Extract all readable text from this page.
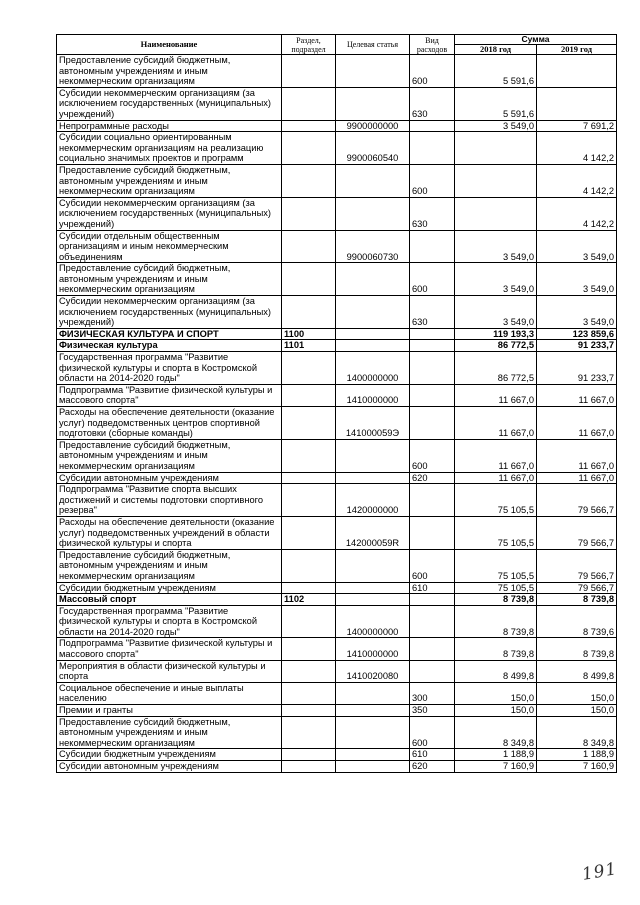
Наименование	Раздел, подраздел	Целевая статья	Вид расходов	Сумма	
				2018 год	2019 год
Предоставление субсидий бюджетным, автономным учреждениям и иным некоммерческим организациям			600	5 591,6	
Субсидии некоммерческим организациям (за исключением государственных (муниципальных) учреждений)			630	5 591,6	
Непрограммные расходы		9900000000		3 549,0	7 691,2
Субсидии социально ориентированным некоммерческим организациям на реализацию социально значимых проектов и программ		9900060540			4 142,2
Предоставление субсидий бюджетным, автономным учреждениям и иным некоммерческим организациям			600		4 142,2
Субсидии некоммерческим организациям (за исключением государственных (муниципальных) учреждений)			630		4 142,2
Субсидии отдельным общественным организациям и иным некоммерческим объединениям		9900060730		3 549,0	3 549,0
Предоставление субсидий бюджетным, автономным учреждениям и иным некоммерческим организациям			600	3 549,0	3 549,0
Субсидии некоммерческим организациям (за исключением государственных (муниципальных) учреждений)			630	3 549,0	3 549,0
ФИЗИЧЕСКАЯ КУЛЬТУРА И СПОРТ	1100			119 193,3	123 859,6
Физическая культура	1101			86 772,5	91 233,7
Государственная программа "Развитие физической культуры и спорта в Костромской области на 2014-2020 годы"		1400000000		86 772,5	91 233,7
Подпрограмма "Развитие физической культуры и массового спорта"		1410000000		11 667,0	11 667,0
Расходы на обеспечение деятельности (оказание услуг) подведомственных центров спортивной подготовки (сборные команды)		141000059Э		11 667,0	11 667,0
Предоставление субсидий бюджетным, автономным учреждениям и иным некоммерческим организациям			600	11 667,0	11 667,0
Субсидии автономным учреждениям			620	11 667,0	11 667,0
Подпрограмма "Развитие спорта высших достижений и системы подготовки спортивного резерва"		1420000000		75 105,5	79 566,7
Расходы на обеспечение деятельности (оказание услуг) подведомственных учреждений в области физической культуры и спорта		142000059R		75 105,5	79 566,7
Предоставление субсидий бюджетным, автономным учреждениям и иным некоммерческим организациям			600	75 105,5	79 566,7
Субсидии бюджетным учреждениям			610	75 105,5	79 566,7
Массовый спорт	1102			8 739,8	8 739,8
Государственная программа "Развитие физической культуры и спорта в Костромской области на 2014-2020 годы"		1400000000		8 739,8	8 739,6
Подпрограмма "Развитие физической культуры и массового спорта"		1410000000		8 739,8	8 739,8
Мероприятия в области физической культуры и спорта		1410020080		8 499,8	8 499,8
Социальное обеспечение и иные выплаты населению			300	150,0	150,0
Премии и гранты			350	150,0	150,0
Предоставление субсидий бюджетным, автономным учреждениям и иным некоммерческим организациям			600	8 349,8	8 349,8
Субсидии бюджетным учреждениям			610	1 188,9	1 188,9
Субсидии автономным учреждениям			620	7 160,9	7 160,9
191
